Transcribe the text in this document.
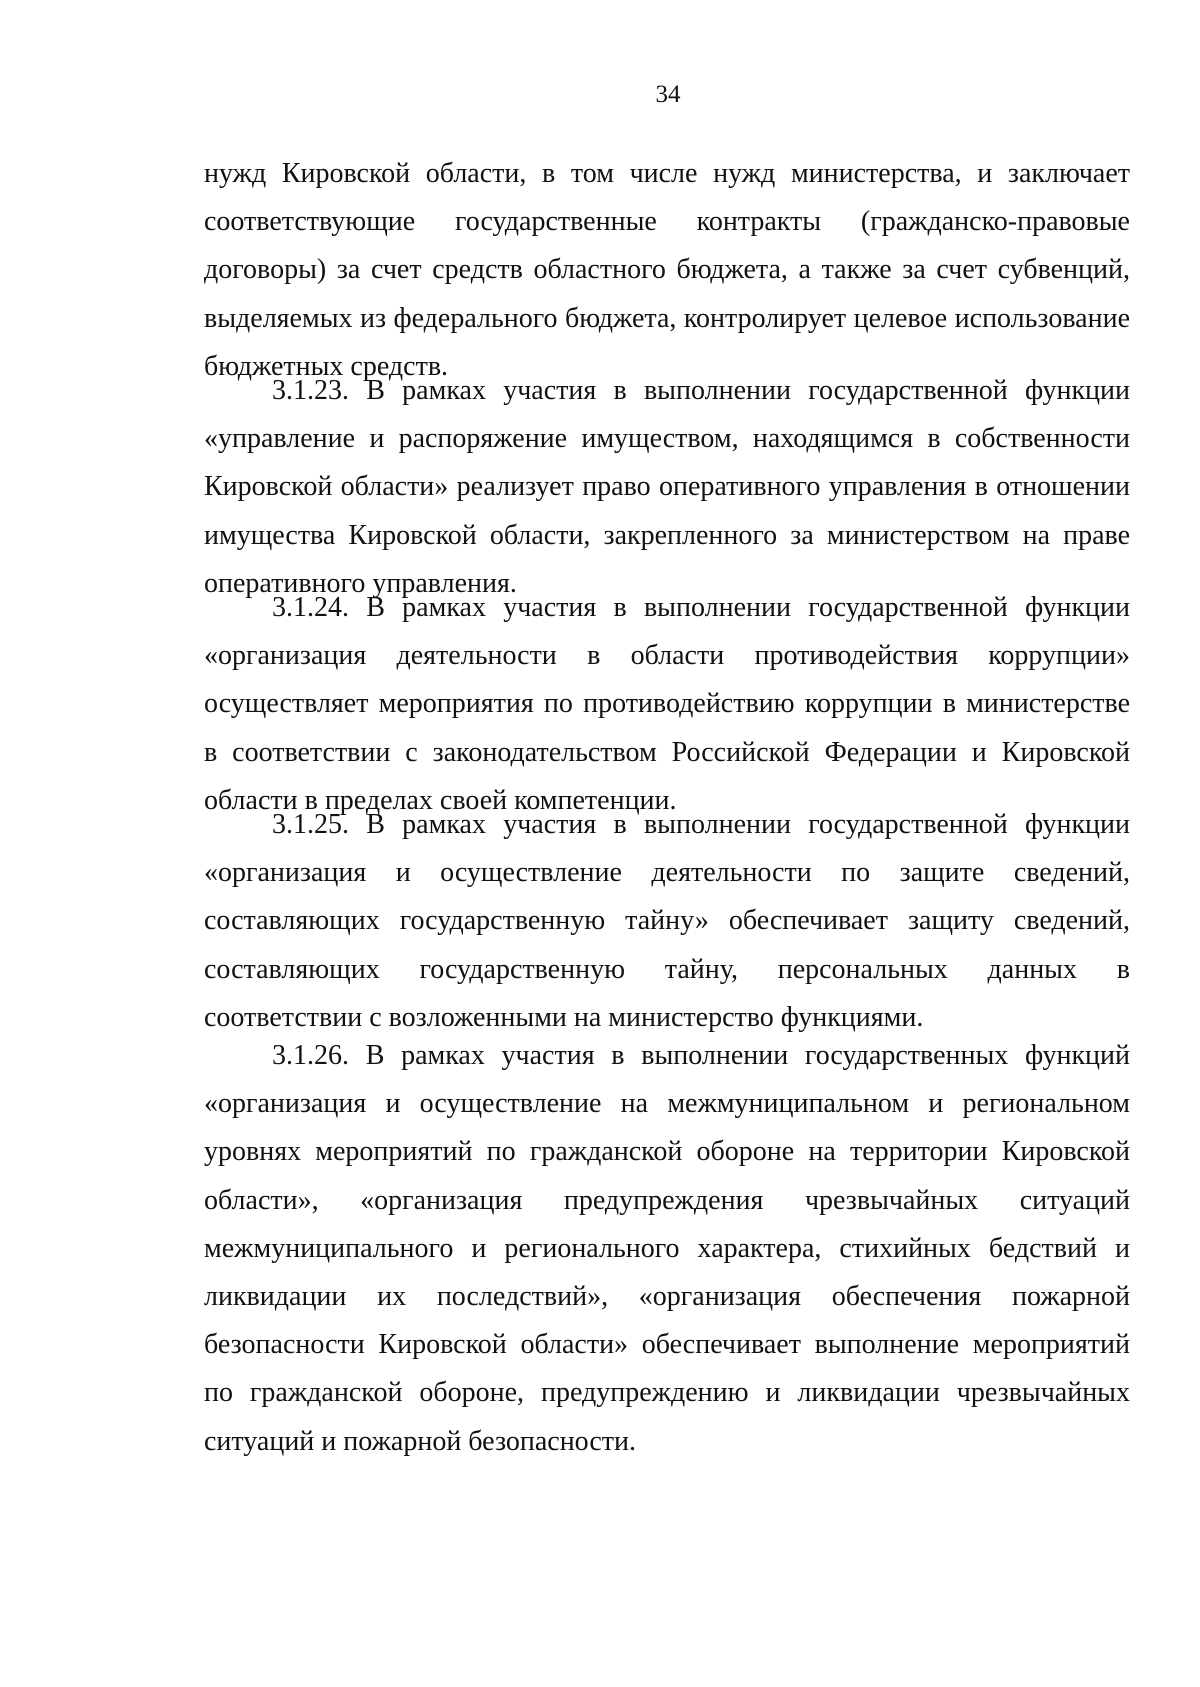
34

нужд Кировской области, в том числе нужд министерства, и заключает соответствующие государственные контракты (гражданско-правовые договоры) за счет средств областного бюджета, а также за счет субвенций, выделяемых из федерального бюджета, контролирует целевое использование бюджетных средств.

3.1.23. В рамках участия в выполнении государственной функции «управление и распоряжение имуществом, находящимся в собственности Кировской области» реализует право оперативного управления в отношении имущества Кировской области, закрепленного за министерством на праве оперативного управления.

3.1.24. В рамках участия в выполнении государственной функции «организация деятельности в области противодействия коррупции» осуществляет мероприятия по противодействию коррупции в министерстве в соответствии с законодательством Российской Федерации и Кировской области в пределах своей компетенции.

3.1.25. В рамках участия в выполнении государственной функции «организация и осуществление деятельности по защите сведений, составляющих государственную тайну» обеспечивает защиту сведений, составляющих государственную тайну, персональных данных в соответствии с возложенными на министерство функциями.

3.1.26. В рамках участия в выполнении государственных функций «организация и осуществление на межмуниципальном и региональном уровнях мероприятий по гражданской обороне на территории Кировской области», «организация предупреждения чрезвычайных ситуаций межмуниципального и регионального характера, стихийных бедствий и ликвидации их последствий», «организация обеспечения пожарной безопасности Кировской области» обеспечивает выполнение мероприятий по гражданской обороне, предупреждению и ликвидации чрезвычайных ситуаций и пожарной безопасности.
